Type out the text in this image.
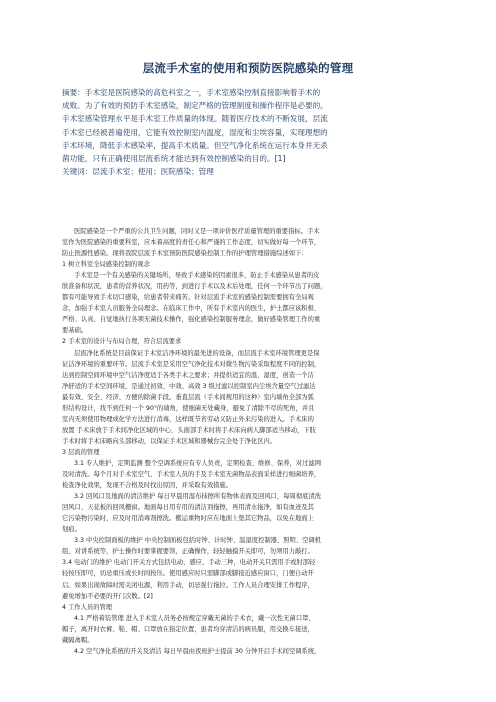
层流手术室的使用和预防医院感染的管理

摘要：手术室是医院感染的高危科室之一，手术室感染控制直接影响着手术的

成败。为了有效的预防手术室感染，制定严格的管理制度和操作程序是必要的。

手术室感染管理水平是手术室工作质量的体现。随着医疗技术的不断发展，层流

手术室已经被普遍使用，它能有效控制室内温度，湿度和尘埃容量，实现理想的

手术环境，降低手术感染率，提高手术质量。但空气净化系统在运行本身并无杀

菌功能，只有正确使用层流系统才能达到有效控制感染的目的。[1]

关键词：层流手术室；使用；医院感染；管理

医院感染是一个严重的公共卫生问题，同时又是一项评价医疗质量管理的重要指标。手术
室作为医院感染的重要科室，应本着高度的责任心和严谨的工作态度，切实做好每一个环节，
防止医源性感染。现将我院层流手术室预防医院感染控制工作的护理管理措施综述如下：
1 树立科室全局感染控制的观念
手术室是一个有关感染的关键场所，导致手术感染的因素很多，防止手术感染从患者的皮
肤准备和状况，患者的营养状况，用药等，到进行手术以及术后处理，任何一个环节出了问题，
都有可能导致手术切口感染，给患者带来痛苦。针对层流手术室的感染控制需要拥有全局观
念，加强手术室人员服务全局理念。在临床工作中，所有手术室内的医生，护士都应该积极、
严格、认真、自觉地执行各项无菌技术操作，强化感染控制服务理念，做好感染管理工作的重
要基础。
2 手术室的设计与布局合理，符合层流要求
层流净化系统是目前保证手术室洁净环境的最先进的设备，而层流手术室环境管理更是保
证洁净环境的重要环节。层流手术室是采用空气净化技术对微生物污染采取程度不同的控制，
达到控制空间环境中空气洁净度适于各类手术之要求；并提供适宜的温、湿度，创造一个洁
净舒适的手术空间环境，是通过初效、中效、高效 3 级过滤以控制室内尘埃含量空气过滤达
最有效、安全、经济、方便的除菌手段。垂直层流（手术间规用的这种）室内墙角全部为弧
形结构设计，找不到任何一个 90°的墙角，使细菌无处藏身，避免了清除不尽的死角，并且
室内无须使用物理或化学方法进行消毒，这样既节省劳动又防止外来污染的进入。手术床的
放置 手术床放于手术间净化区域的中心，头面部手术时将手术床向病人脚部适当移动，下肢
手术时将手术床略向头部移动，以保证手术区域和器械台完全处于净化区内。
3 层流的管理
3.1 专人维护，定期监测 整个空调系统应有专人负责，定期检查、维修、保养，对过滤网
及时清洗。每个月对手术室空气、手术室人员的手及手术室无菌物品表面采样进行细菌培养，
检查净化效果，发现不合格及时找出原因，并采取有效措施。
3.2 回风口及地面的清洁维护 每日早晨用湿布抹擦所有物体表面及回风口，每周彻底清洗
回风口、天花板的回风栅窗。地面每日用专用的清洁剂拖擦，再用清水拖净，如有血迹及其
它污染物污染时，应及时用消毒剂擦洗。搬运重物时应在地面上垫其它物品，以免在地面上
划痕。
3.3 中央控制面板的维护 中央控制面板包括时钟、计时钟、温湿度控制器、照明、空调机
组、对讲系统等，护士操作时要掌握要领，正确操作，轻轻触摸开关即可，勿须用力敲打。
3.4 电动门的维护 电动门开关方式包括电动、感应、手动三种，电动开关只需用手或肘部轻
轻按压即可，切忌重压或长时间按压。使用感应时只需脚部或脚接近感应窗口，门便自动开
启。如果出现故障时需关闭电源，利用手动，切忌强行拖拉。工作人员合理安排工作程序，
避免增加不必要的开门次数。[2]
4 工作人员的管理
4.1 严格着装管理 进入手术室人员务必按规定穿戴无菌的手术衣，戴一次性无菌口罩、
帽子，离开时衣裤、鞋、帽、口罩放在指定位置，患者均穿清洁的病员服，用交换车接送，
戴隔离帽。
4.2 空气净化系统的开关及清洁 每日早晨由夜班护士提前 30 分钟开启手术间空调系统，
